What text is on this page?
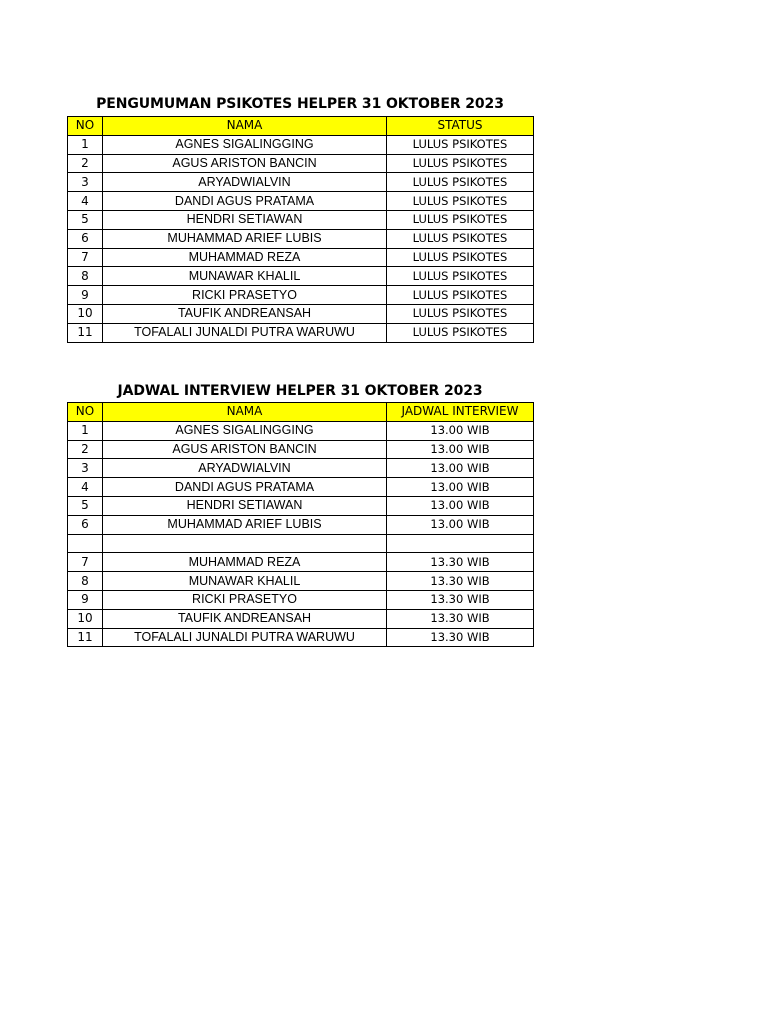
PENGUMUMAN PSIKOTES HELPER 31 OKTOBER 2023
NO	NAMA	STATUS
1	AGNES SIGALINGGING	LULUS PSIKOTES
2	AGUS ARISTON BANCIN	LULUS PSIKOTES
3	ARYADWIALVIN	LULUS PSIKOTES
4	DANDI AGUS PRATAMA	LULUS PSIKOTES
5	HENDRI SETIAWAN	LULUS PSIKOTES
6	MUHAMMAD ARIEF LUBIS	LULUS PSIKOTES
7	MUHAMMAD REZA	LULUS PSIKOTES
8	MUNAWAR KHALIL	LULUS PSIKOTES
9	RICKI PRASETYO	LULUS PSIKOTES
10	TAUFIK ANDREANSAH	LULUS PSIKOTES
11	TOFALALI JUNALDI PUTRA WARUWU	LULUS PSIKOTES
JADWAL INTERVIEW HELPER 31 OKTOBER 2023
NO	NAMA	JADWAL INTERVIEW
1	AGNES SIGALINGGING	13.00 WIB
2	AGUS ARISTON BANCIN	13.00 WIB
3	ARYADWIALVIN	13.00 WIB
4	DANDI AGUS PRATAMA	13.00 WIB
5	HENDRI SETIAWAN	13.00 WIB
6	MUHAMMAD ARIEF LUBIS	13.00 WIB

7	MUHAMMAD REZA	13.30 WIB
8	MUNAWAR KHALIL	13.30 WIB
9	RICKI PRASETYO	13.30 WIB
10	TAUFIK ANDREANSAH	13.30 WIB
11	TOFALALI JUNALDI PUTRA WARUWU	13.30 WIB
